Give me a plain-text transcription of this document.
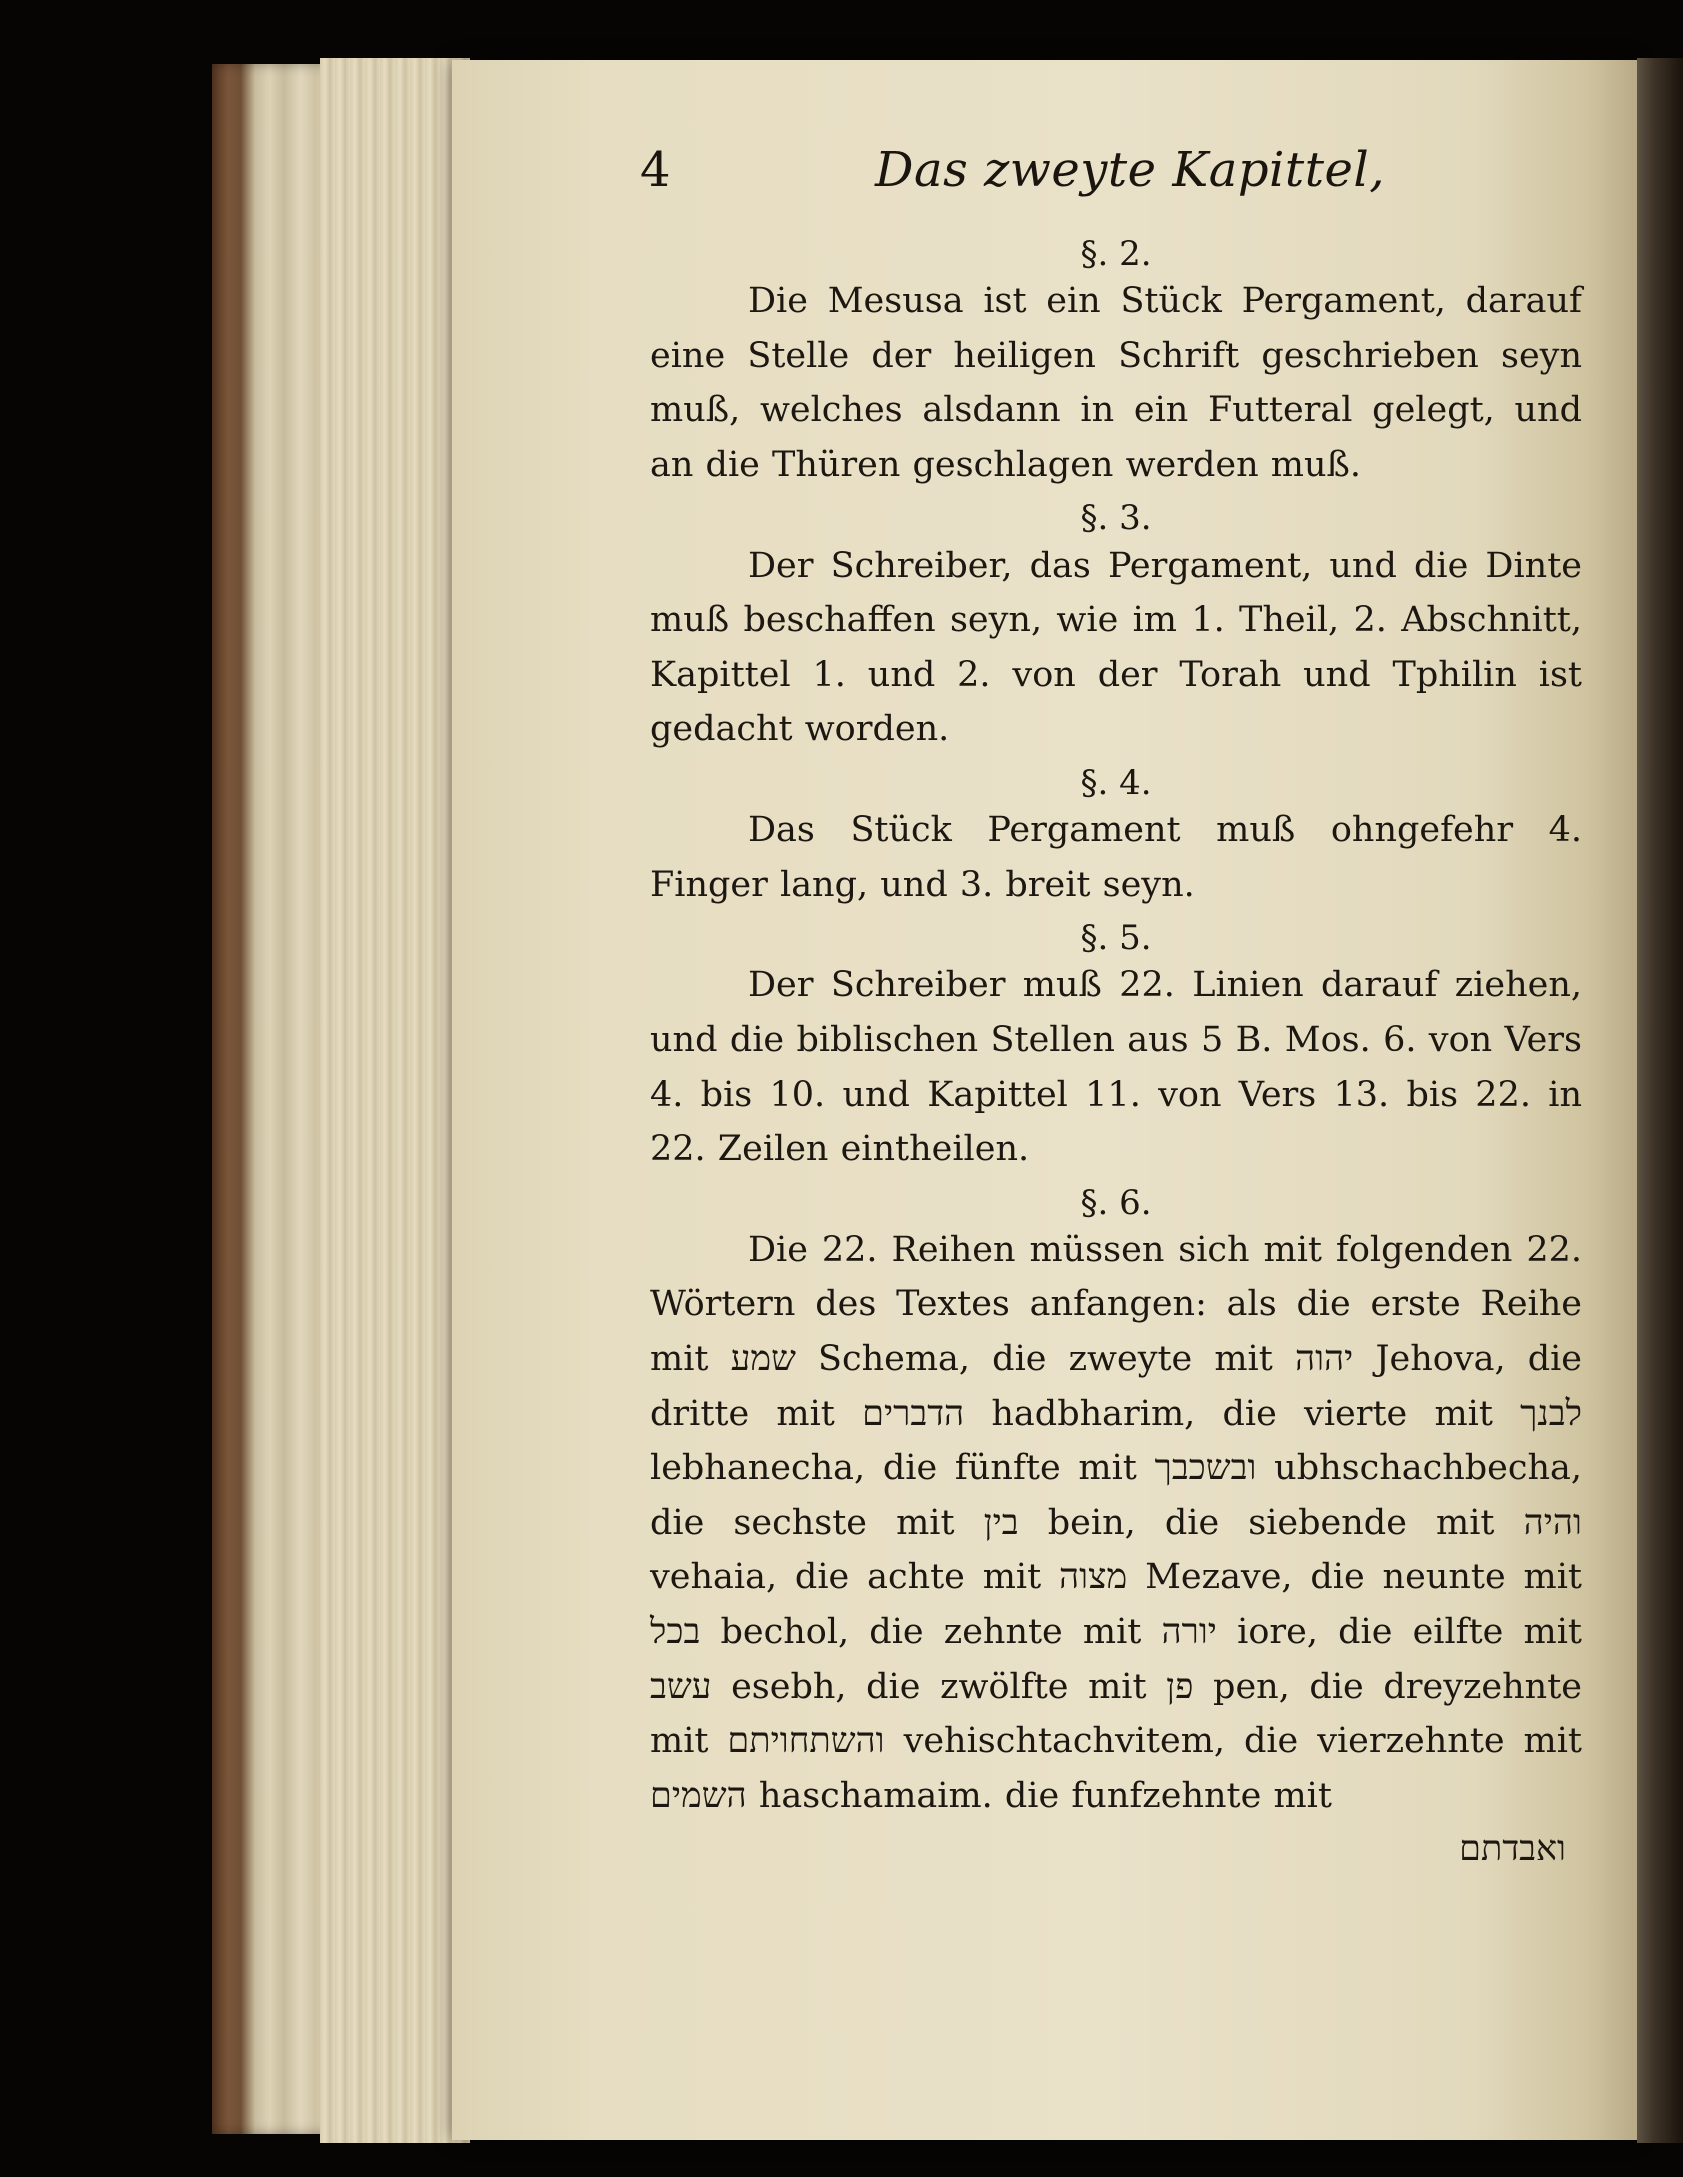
4	Das zweyte Kapittel,
§. 2.

Die Mesusa ist ein Stück Pergament, darauf eine Stelle der heiligen Schrift geschrieben seyn muß, welches alsdann in ein Futteral gelegt, und an die Thüren geschlagen werden muß.

§. 3.

Der Schreiber, das Pergament, und die Dinte muß beschaffen seyn, wie im 1. Theil, 2. Abschnitt, Kapittel 1. und 2. von der Torah und Tphilin ist gedacht worden.

§. 4.

Das Stück Pergament muß ohngefehr 4. Finger lang, und 3. breit seyn.

§. 5.

Der Schreiber muß 22. Linien darauf ziehen, und die biblischen Stellen aus 5 B. Mos. 6. von Vers 4. bis 10. und Kapittel 11. von Vers 13. bis 22. in 22. Zeilen eintheilen.

§. 6.

Die 22. Reihen müssen sich mit folgenden 22. Wörtern des Textes anfangen: als die erste Reihe mit שמע Schema, die zweyte mit יהוה Jehova, die dritte mit הדברים hadbharim, die vierte mit לבנך lebhanecha, die fünfte mit ובשכבך ubhschachbecha, die sechste mit בין bein, die siebende mit והיה vehaia, die achte mit מצוה Mezave, die neunte mit בכל bechol, die zehnte mit יורה iore, die eilfte mit עשב esebh, die zwölfte mit פן pen, die dreyzehnte mit והשתחויתם vehischtachvitem, die vierzehnte mit השמים haschamaim. die funfzehnte mit

ואבדתם
